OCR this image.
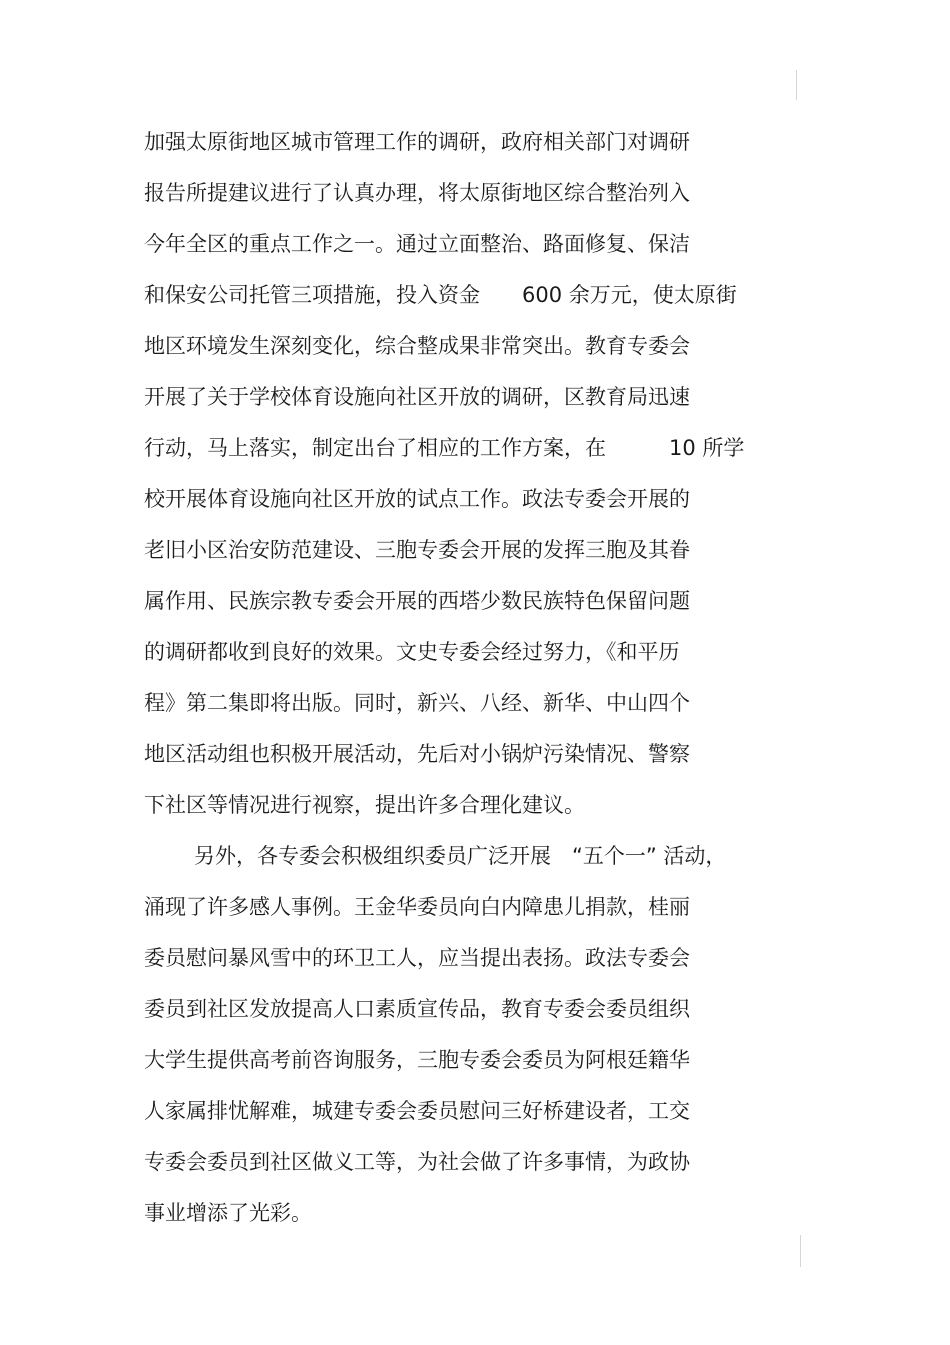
加强太原街地区城市管理工作的调研，政府相关部门对调研
报告所提建议进行了认真办理，将太原街地区综合整治列入
今年全区的重点工作之一。通过立面整治、路面修复、保洁
和保安公司托管三项措施，投入资金　　600 余万元，使太原街
地区环境发生深刻变化，综合整成果非常突出。教育专委会
开展了关于学校体育设施向社区开放的调研，区教育局迅速
行动，马上落实，制定出台了相应的工作方案，在　　　10 所学
校开展体育设施向社区开放的试点工作。政法专委会开展的
老旧小区治安防范建设、三胞专委会开展的发挥三胞及其眷
属作用、民族宗教专委会开展的西塔少数民族特色保留问题
的调研都收到良好的效果。文史专委会经过努力，《和平历
程》第二集即将出版。同时，新兴、八经、新华、中山四个
地区活动组也积极开展活动，先后对小锅炉污染情况、警察
下社区等情况进行视察，提出许多合理化建议。
另外，各专委会积极组织委员广泛开展　“五个一” 活动，
涌现了许多感人事例。王金华委员向白内障患儿捐款，桂丽
委员慰问暴风雪中的环卫工人，应当提出表扬。政法专委会
委员到社区发放提高人口素质宣传品，教育专委会委员组织
大学生提供高考前咨询服务，三胞专委会委员为阿根廷籍华
人家属排忧解难，城建专委会委员慰问三好桥建设者，工交
专委会委员到社区做义工等，为社会做了许多事情，为政协
事业增添了光彩。
